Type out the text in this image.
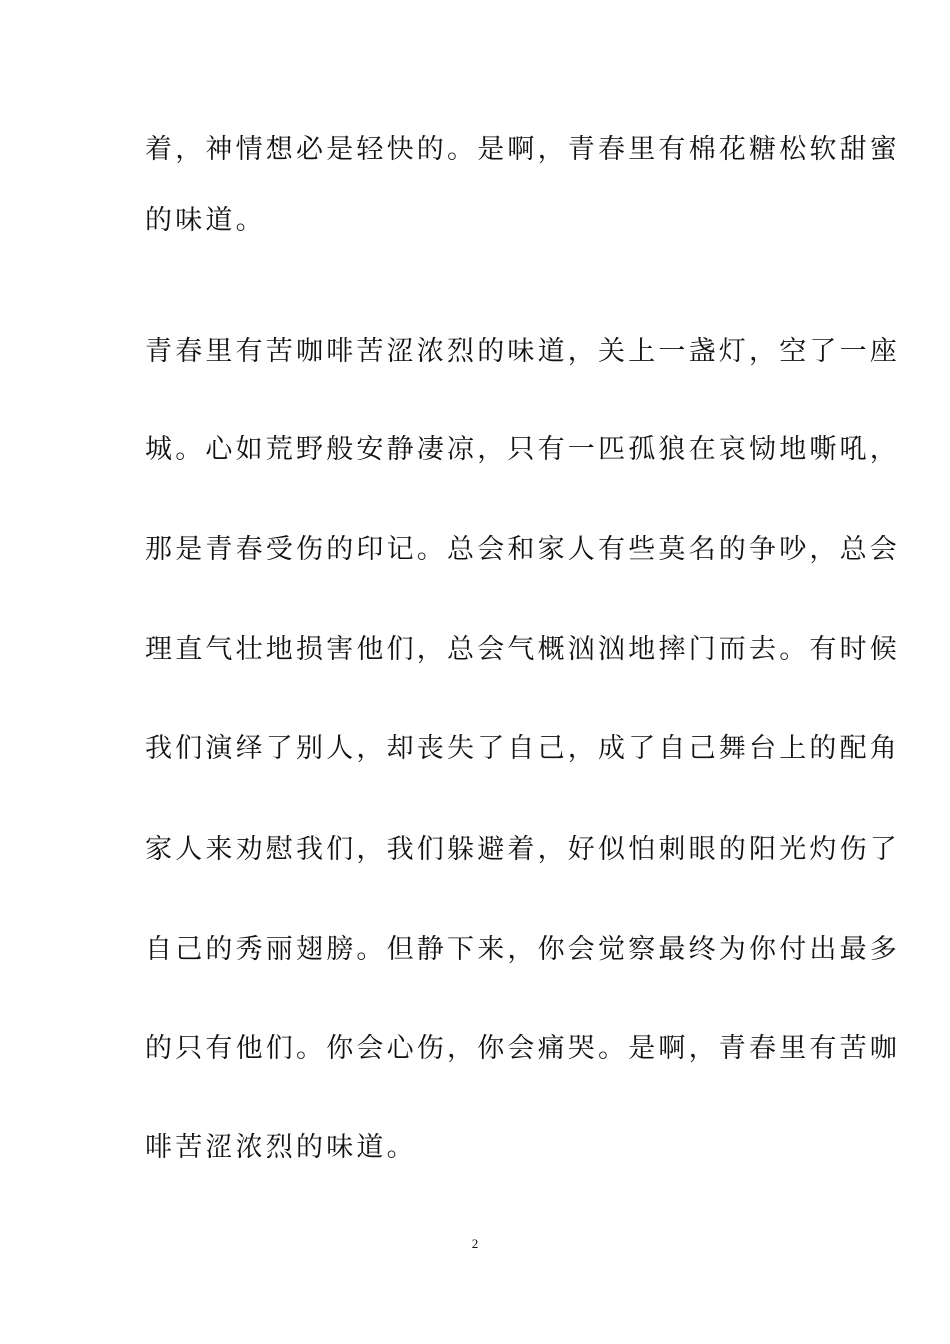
着，神情想必是轻快的。是啊，青春里有棉花糖松软甜蜜
的味道。
青春里有苦咖啡苦涩浓烈的味道，关上一盏灯，空了一座
城。心如荒野般安静凄凉，只有一匹孤狼在哀恸地嘶吼，
那是青春受伤的印记。总会和家人有些莫名的争吵，总会
理直气壮地损害他们，总会气概汹汹地摔门而去。有时候
我们演绎了别人，却丧失了自己，成了自己舞台上的配角
家人来劝慰我们，我们躲避着，好似怕刺眼的阳光灼伤了
自己的秀丽翅膀。但静下来，你会觉察最终为你付出最多
的只有他们。你会心伤，你会痛哭。是啊，青春里有苦咖
啡苦涩浓烈的味道。
2
